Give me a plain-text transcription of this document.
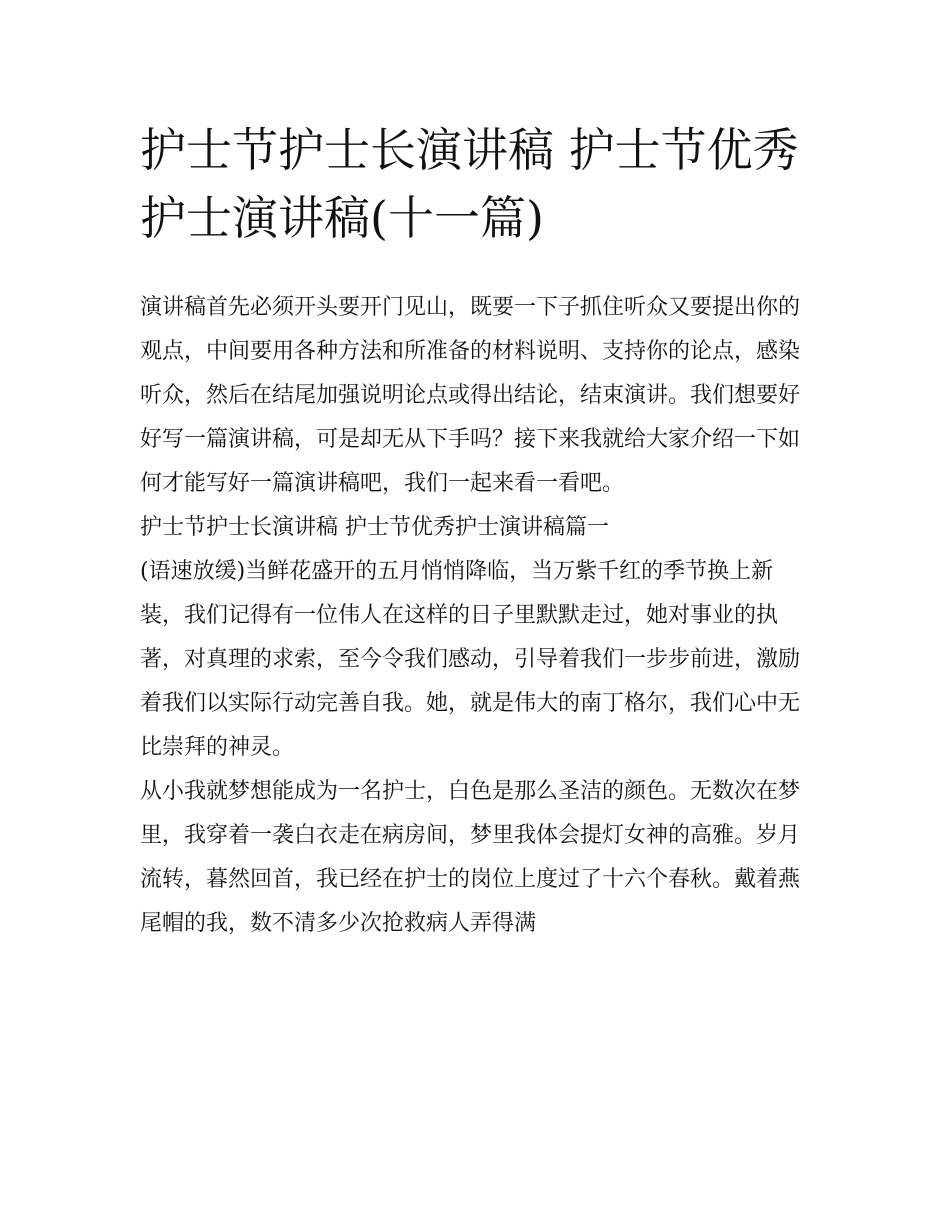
护士节护士长演讲稿 护士节优秀护士演讲稿(十一篇)

演讲稿首先必须开头要开门见山，既要一下子抓住听众又要提出你的观点，中间要用各种方法和所准备的材料说明、支持你的论点，感染听众，然后在结尾加强说明论点或得出结论，结束演讲。我们想要好好写一篇演讲稿，可是却无从下手吗？接下来我就给大家介绍一下如何才能写好一篇演讲稿吧，我们一起来看一看吧。

护士节护士长演讲稿 护士节优秀护士演讲稿篇一

(语速放缓)当鲜花盛开的五月悄悄降临，当万紫千红的季节换上新装，我们记得有一位伟人在这样的日子里默默走过，她对事业的执著，对真理的求索，至今令我们感动，引导着我们一步步前进，激励着我们以实际行动完善自我。她，就是伟大的南丁格尔，我们心中无比崇拜的神灵。

从小我就梦想能成为一名护士，白色是那么圣洁的颜色。无数次在梦里，我穿着一袭白衣走在病房间，梦里我体会提灯女神的高雅。岁月流转，暮然回首，我已经在护士的岗位上度过了十六个春秋。戴着燕尾帽的我，数不清多少次抢救病人弄得满
